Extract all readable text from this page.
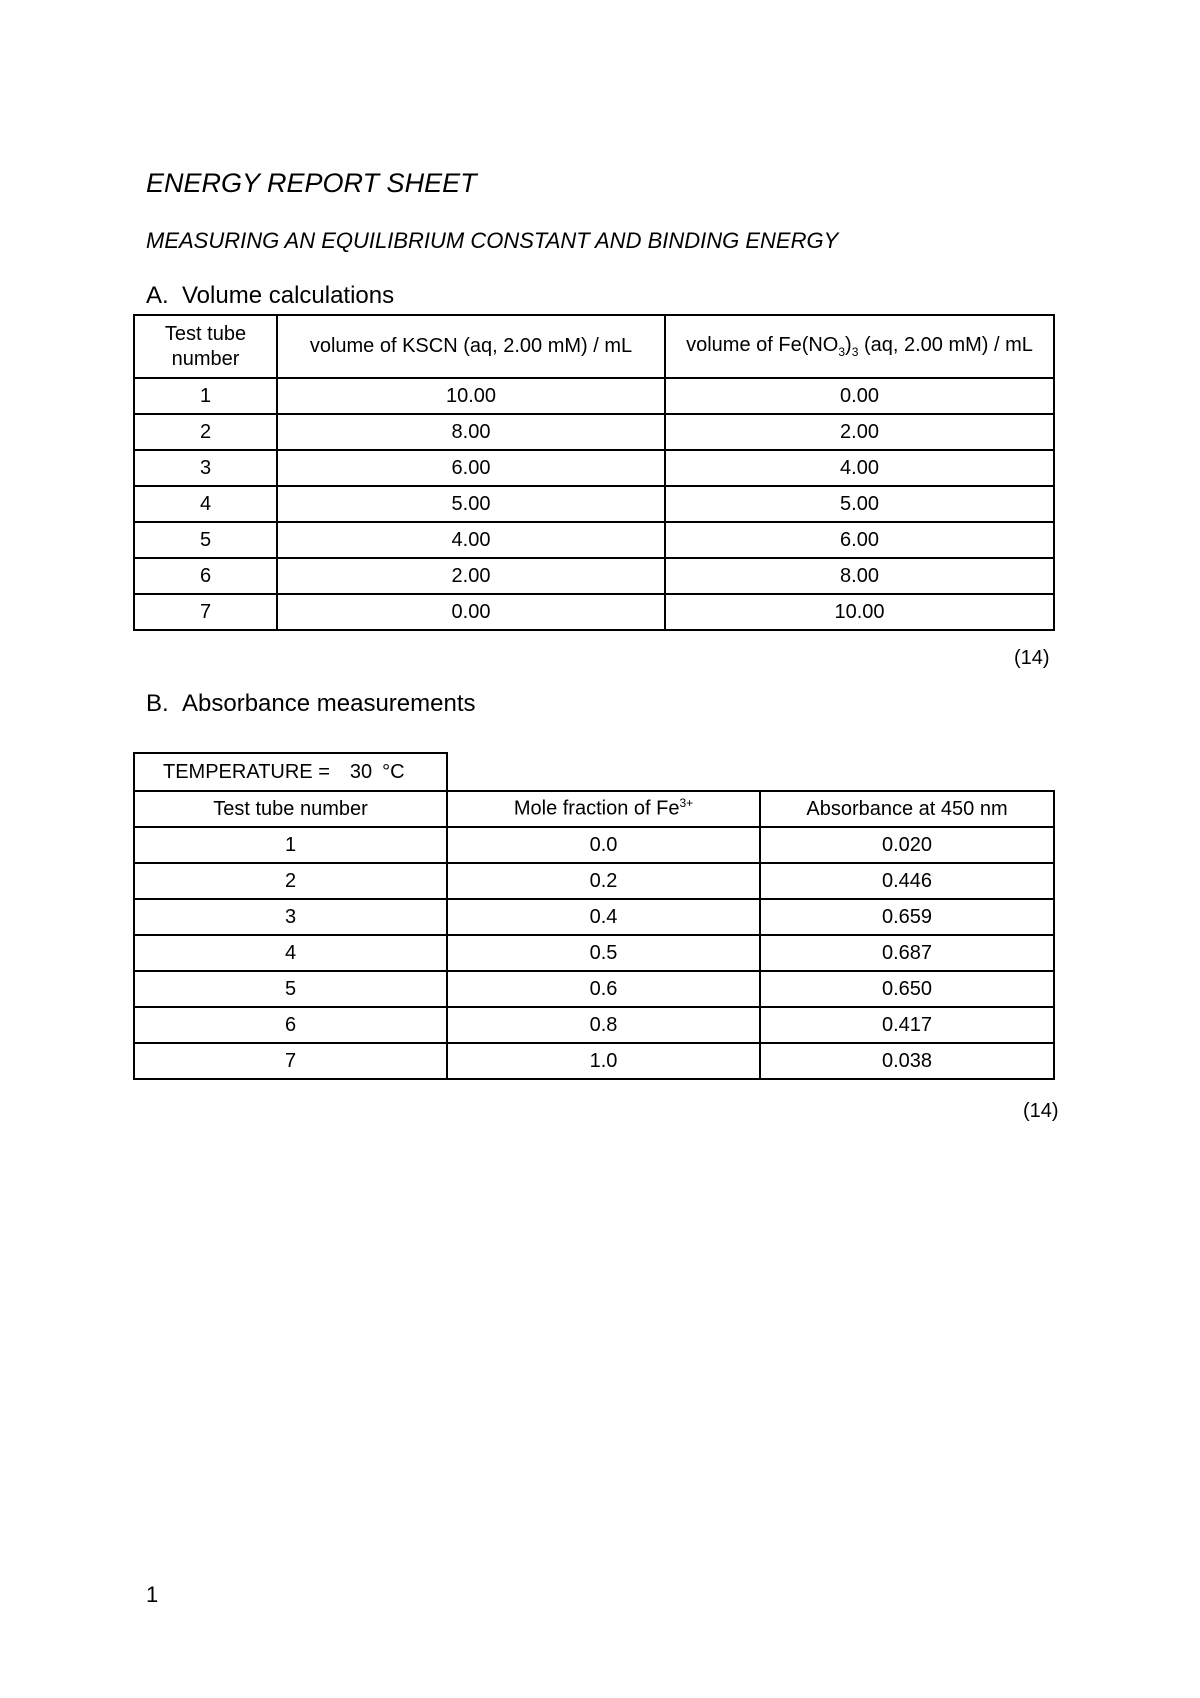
ENERGY REPORT SHEET
MEASURING AN EQUILIBRIUM CONSTANT AND BINDING ENERGY
A. Volume calculations
Test tube number	volume of KSCN (aq, 2.00 mM) / mL	volume of $Fe(NO_3)_3$ (aq, 2.00 mM) / mL
1	10.00	0.00
2	8.00	2.00
3	6.00	4.00
4	5.00	5.00
5	4.00	6.00
6	2.00	8.00
7	0.00	10.00
(14)
B. Absorbance measurements
TEMPERATURE = 30 °C		
Test tube number	Mole fraction of $Fe^{3+}$	Absorbance at 450 nm
1	0.0	0.020
2	0.2	0.446
3	0.4	0.659
4	0.5	0.687
5	0.6	0.650
6	0.8	0.417
7	1.0	0.038
(14)
1
